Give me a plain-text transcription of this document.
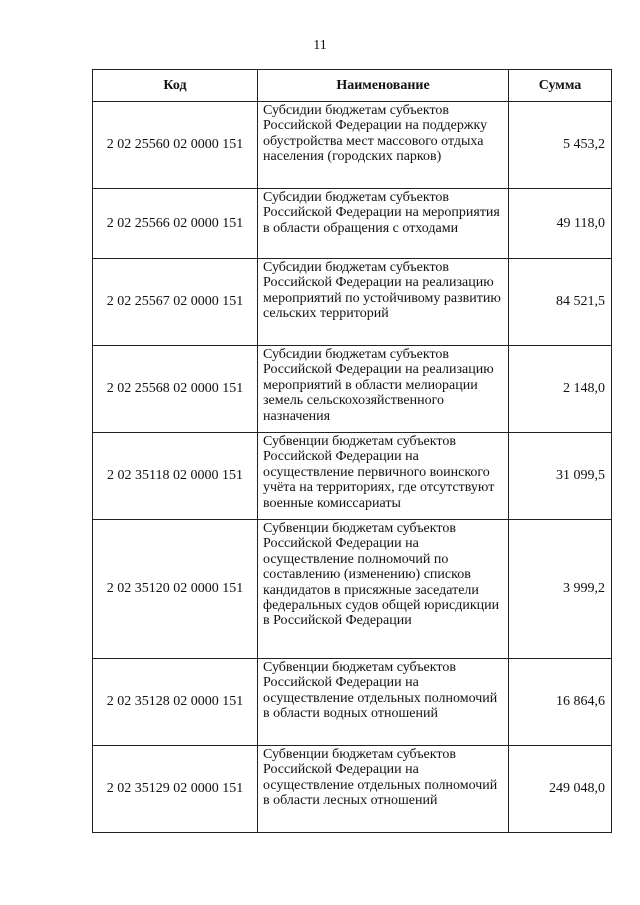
11
Код	Наименование	Сумма
2 02 25560 02 0000 151	Субсидии бюджетам субъектов Российской Федерации на поддержку обустройства мест массового отдыха населения (городских парков)	5 453,2
2 02 25566 02 0000 151	Субсидии бюджетам субъектов Российской Федерации на мероприятия в области обращения с отходами	49 118,0
2 02 25567 02 0000 151	Субсидии бюджетам субъектов Российской Федерации на реализацию мероприятий по устойчивому развитию сельских территорий	84 521,5
2 02 25568 02 0000 151	Субсидии бюджетам субъектов Российской Федерации на реализацию мероприятий в области мелиорации земель сельскохозяйственного назначения	2 148,0
2 02 35118 02 0000 151	Субвенции бюджетам субъектов Российской Федерации на осуществление первичного воинского учёта на территориях, где отсутствуют военные комиссариаты	31 099,5
2 02 35120 02 0000 151	Субвенции бюджетам субъектов Российской Федерации на осуществление полномочий по составлению (изменению) списков кандидатов в присяжные заседатели федеральных судов общей юрисдикции в Российской Федерации	3 999,2
2 02 35128 02 0000 151	Субвенции бюджетам субъектов Российской Федерации на осуществление отдельных полномочий в области водных отношений	16 864,6
2 02 35129 02 0000 151	Субвенции бюджетам субъектов Российской Федерации на осуществление отдельных полномочий в области лесных отношений	249 048,0
